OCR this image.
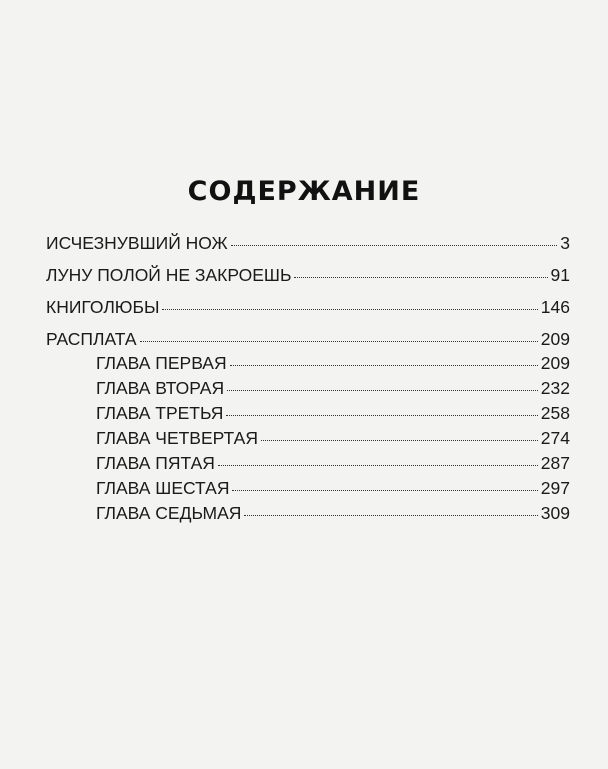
СОДЕРЖАНИЕ
ИСЧЕЗНУВШИЙ НОЖ	3
ЛУНУ ПОЛОЙ НЕ ЗАКРОЕШЬ	91
КНИГОЛЮБЫ	146
РАСПЛАТА	209
ГЛАВА ПЕРВАЯ	209
ГЛАВА ВТОРАЯ	232
ГЛАВА ТРЕТЬЯ	258
ГЛАВА ЧЕТВЕРТАЯ	274
ГЛАВА ПЯТАЯ	287
ГЛАВА ШЕСТАЯ	297
ГЛАВА СЕДЬМАЯ	309
